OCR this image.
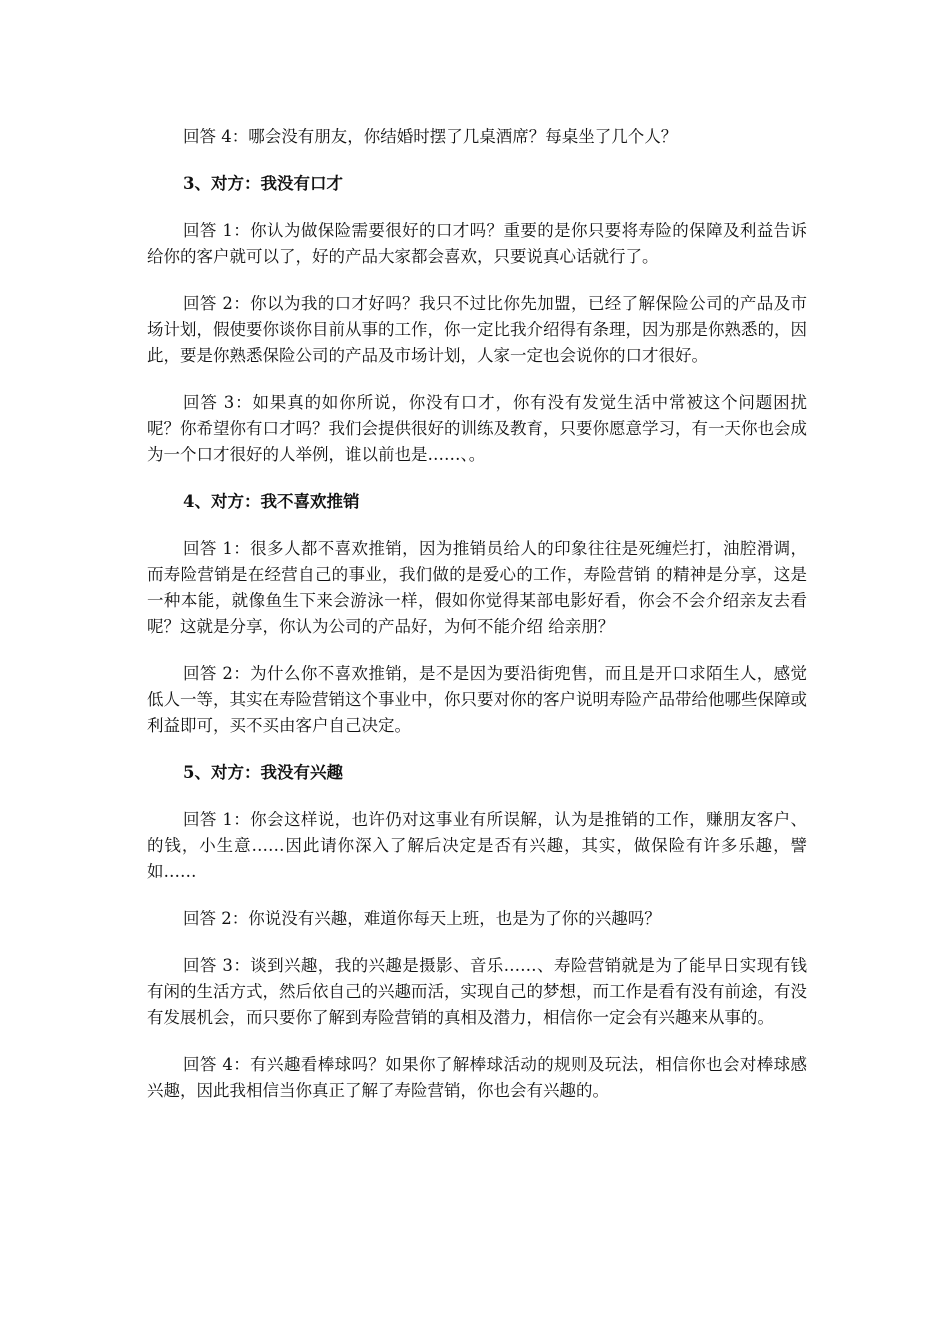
回答 4：哪会没有朋友，你结婚时摆了几桌酒席？每桌坐了几个人？

3、对方：我没有口才

回答 1：你认为做保险需要很好的口才吗？重要的是你只要将寿险的保障及利益告诉给你的客户就可以了，好的产品大家都会喜欢，只要说真心话就行了。

回答 2：你以为我的口才好吗？我只不过比你先加盟，已经了解保险公司的产品及市场计划，假使要你谈你目前从事的工作，你一定比我介绍得有条理，因为那是你熟悉的，因此，要是你熟悉保险公司的产品及市场计划，人家一定也会说你的口才很好。

回答 3：如果真的如你所说，你没有口才，你有没有发觉生活中常被这个问题困扰呢？你希望你有口才吗？我们会提供很好的训练及教育，只要你愿意学习，有一天你也会成为一个口才很好的人举例，谁以前也是……、。

4、对方：我不喜欢推销

回答 1：很多人都不喜欢推销，因为推销员给人的印象往往是死缠烂打，油腔滑调，而寿险营销是在经营自己的事业，我们做的是爱心的工作，寿险营销 的精神是分享，这是一种本能，就像鱼生下来会游泳一样，假如你觉得某部电影好看，你会不会介绍亲友去看呢？这就是分享，你认为公司的产品好，为何不能介绍 给亲朋？

回答 2：为什么你不喜欢推销，是不是因为要沿街兜售，而且是开口求陌生人，感觉低人一等，其实在寿险营销这个事业中，你只要对你的客户说明寿险产品带给他哪些保障或利益即可，买不买由客户自己决定。

5、对方：我没有兴趣

回答 1：你会这样说，也许仍对这事业有所误解，认为是推销的工作，赚朋友客户、的钱，小生意……因此请你深入了解后决定是否有兴趣，其实，做保险有许多乐趣，譬如……

回答 2：你说没有兴趣，难道你每天上班，也是为了你的兴趣吗？

回答 3：谈到兴趣，我的兴趣是摄影、音乐……、寿险营销就是为了能早日实现有钱有闲的生活方式，然后依自己的兴趣而活，实现自己的梦想，而工作是看有没有前途，有没有发展机会，而只要你了解到寿险营销的真相及潜力，相信你一定会有兴趣来从事的。

回答 4：有兴趣看棒球吗？如果你了解棒球活动的规则及玩法，相信你也会对棒球感兴趣，因此我相信当你真正了解了寿险营销，你也会有兴趣的。
